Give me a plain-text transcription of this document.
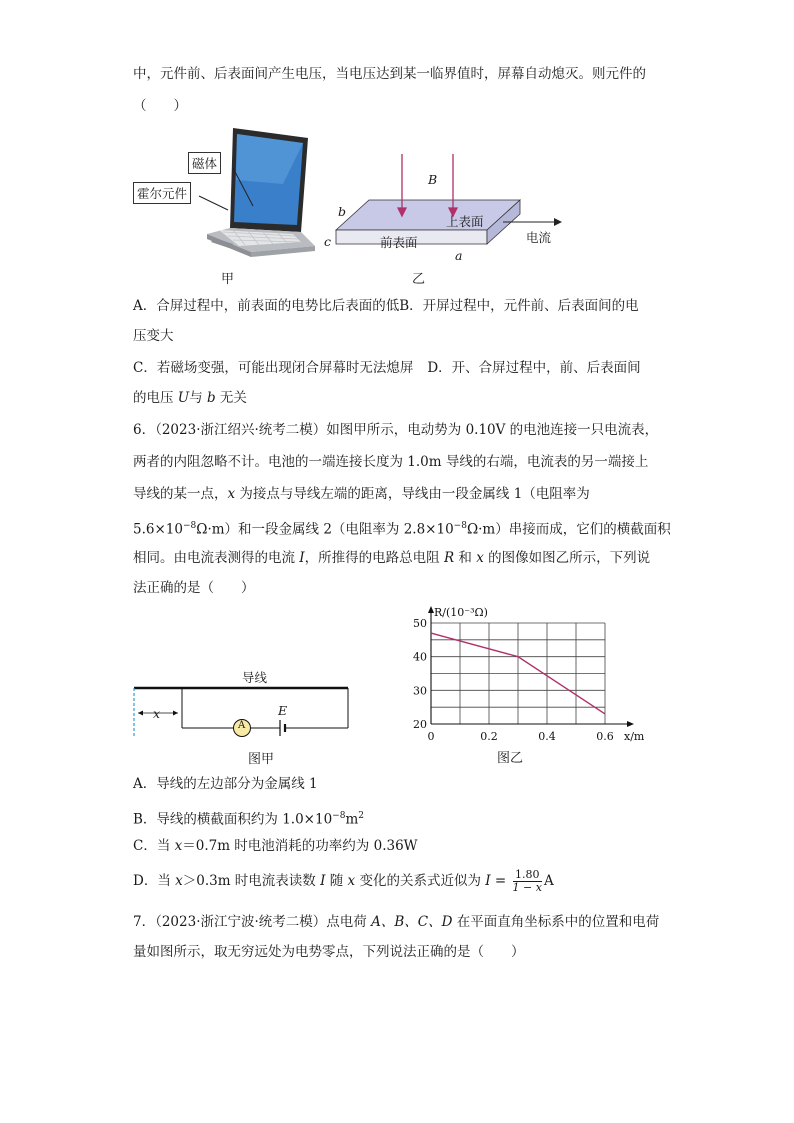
中，元件前、后表面间产生电压，当电压达到某一临界值时，屏幕自动熄灭。则元件的
（　　）
磁体
霍尔元件
甲
B
b
c
a
上表面
前表面	电流
乙
A．合屏过程中，前表面的电势比后表面的低B．开屏过程中，元件前、后表面间的电
压变大
C．若磁场变强，可能出现闭合屏幕时无法熄屏 D．开、合屏过程中，前、后表面间
的电压 U与 b 无关
6．（2023·浙江绍兴·统考二模）如图甲所示，电动势为 0.10V 的电池连接一只电流表，
两者的内阻忽略不计。电池的一端连接长度为 1.0m 导线的右端，电流表的另一端接上
导线的某一点，x 为接点与导线左端的距离，导线由一段金属线 1（电阻率为
$5.6\times 10^{-8}\Omega\cdot m$）和一段金属线 2（电阻率为 $2.8\times 10^{-8}\Omega\cdot m$）串接而成，它们的横截面积
相同。由电流表测得的电流 I，所推得的电路总电阻 R 和 x 的图像如图乙所示，下列说
法正确的是（　　）
导线
x
A
E
图甲
R/(10⁻³Ω)
x/m
0	0.2	0.4	0.6
20
30
40
50
图乙
A．导线的左边部分为金属线 1
B．导线的横截面积约为 $1.0\times 10^{-8}m^2$
C．当 x＝0.7m 时电池消耗的功率约为 0.36W
D．当 x＞0.3m 时电流表读数 I 随 x 变化的关系式近似为 $I = \frac{1.80}{1 - x}$ A
7．（2023·浙江宁波·统考二模）点电荷 A、B、C、D 在平面直角坐标系中的位置和电荷
量如图所示，取无穷远处为电势零点，下列说法正确的是（　　）
